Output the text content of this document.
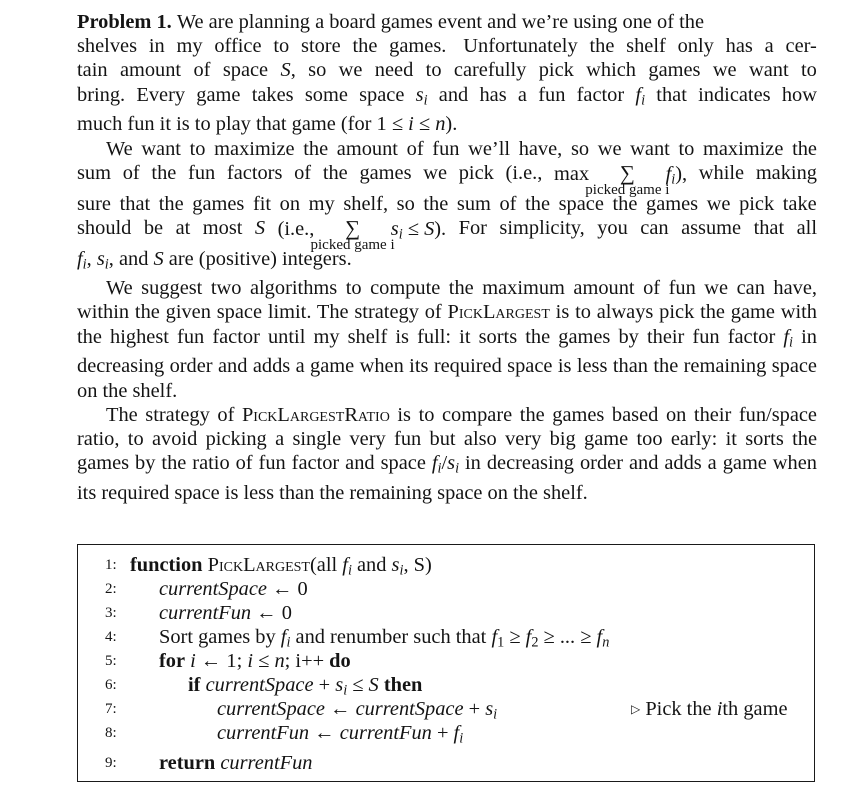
Problem 1. We are planning a board games event and we’re using one of the
shelves in my office to store the games. Unfortunately the shelf only has a cer-
tain amount of space S, so we need to carefully pick which games we want to
bring. Every game takes some space $s_i$ and has a fun factor $f_i$ that indicates how
much fun it is to play that game (for 1 ≤ i ≤ n).

We want to maximize the amount of fun we’ll have, so we want to maximize the
sum of the fun factors of the games we pick (i.e., max  ∑
picked game i
$f_i$), while making
sure that the games fit on my shelf, so the sum of the space the games we pick take
should be at most S (i.e.,  ∑
picked game i
$s_i \le S$). For simplicity, you can assume that all
$f_i$, $s_i$, and S are (positive) integers.

We suggest two algorithms to compute the maximum amount of fun we can have, within the given space limit. The strategy of PickLargest is to always pick the game with the highest fun factor until my shelf is full: it sorts the games by their fun factor $f_i$ in decreasing order and adds a game when its required space is less than the remaining space on the shelf.

The strategy of PickLargestRatio is to compare the games based on their fun/space ratio, to avoid picking a single very fun but also very big game too early: it sorts the games by the ratio of fun factor and space $f_i/s_i$ in decreasing order and adds a game when its required space is less than the remaining space on the shelf.

1: function PickLargest(all $f_i$ and $s_i$, S)
2:	currentSpace ← 0
3:	currentFun ← 0
4:	Sort games by $f_i$ and renumber such that $f_1 \ge f_2$ ≥ ... ≥ $f_n$
5:	for i ← 1; i ≤ n; i++ do
6:	if currentSpace + $s_i \le S$ then
7:	currentSpace ← currentSpace + $s_i$	▷ Pick the ith game
8:	currentFun ← currentFun + $f_i$
9:	return currentFun
